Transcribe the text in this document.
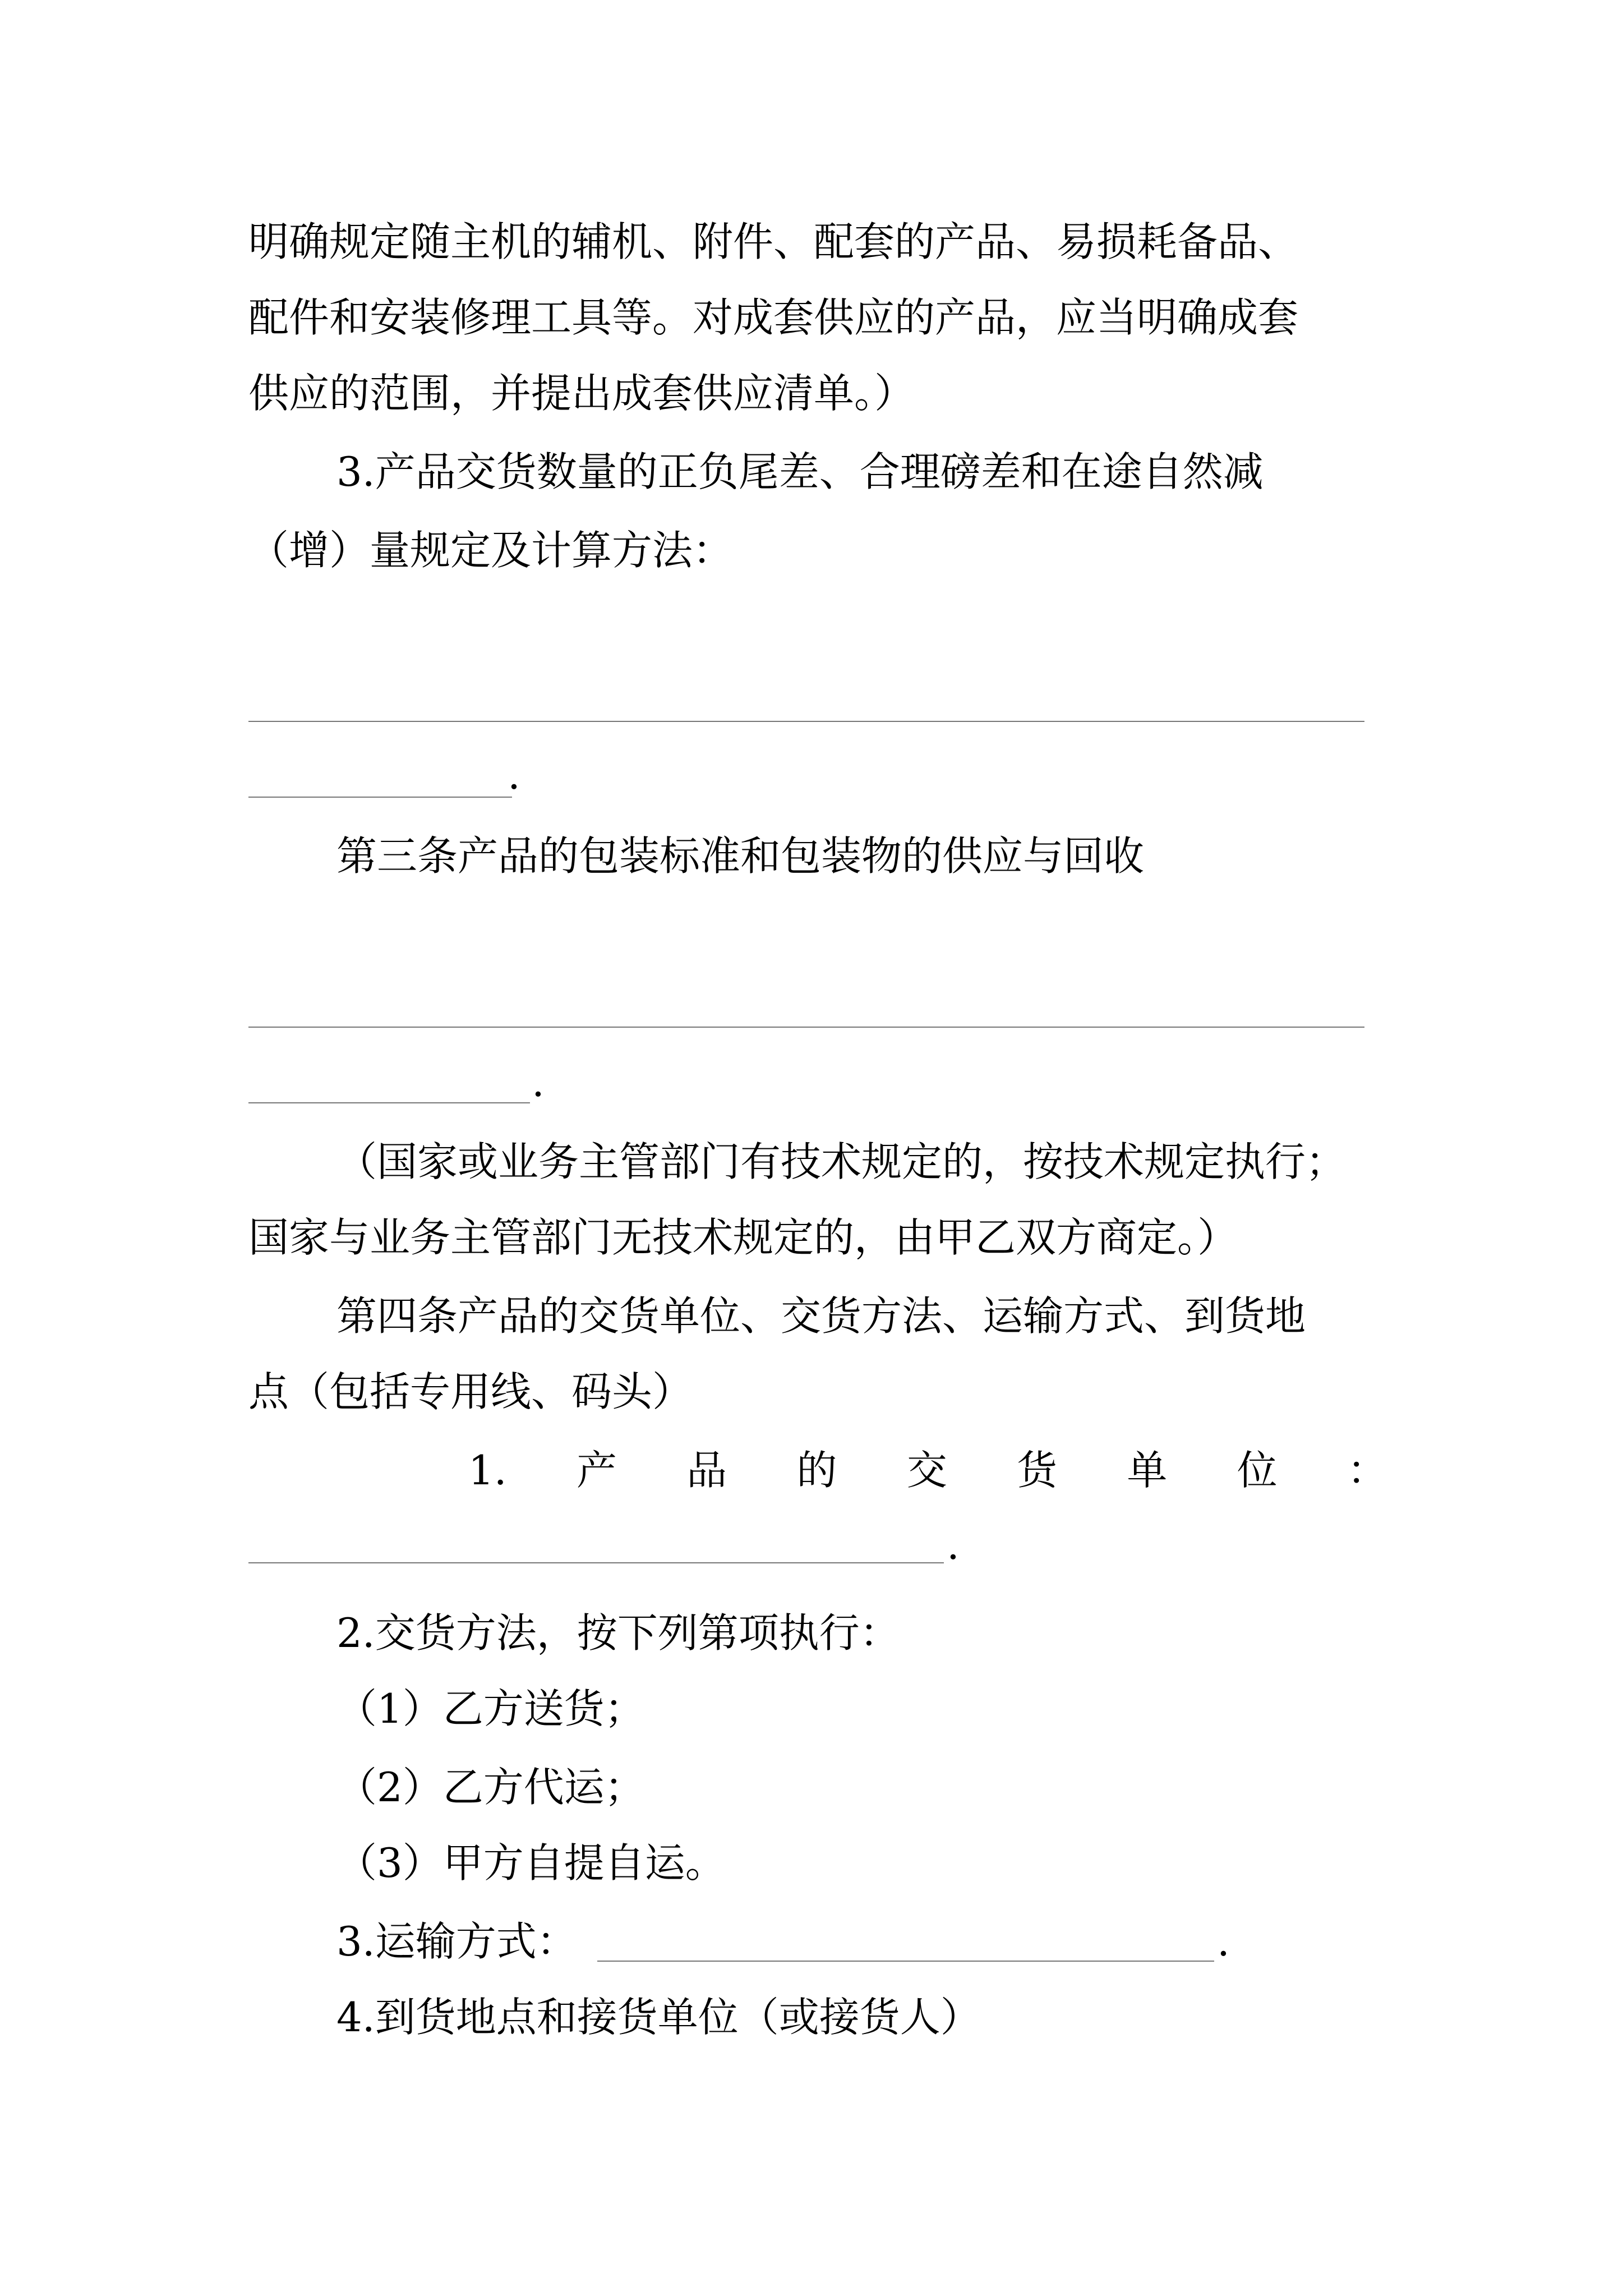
明确规定随主机的辅机、附件、配套的产品、易损耗备品、
配件和安装修理工具等。对成套供应的产品，应当明确成套
供应的范围，并提出成套供应清单。）
3.产品交货数量的正负尾差、合理磅差和在途自然减
（增）量规定及计算方法：
.
第三条产品的包装标准和包装物的供应与回收
.
（国家或业务主管部门有技术规定的，按技术规定执行；
国家与业务主管部门无技术规定的，由甲乙双方商定。）
第四条产品的交货单位、交货方法、运输方式、到货地
点（包括专用线、码头）
1. 产 品 的 交 货 单 位 ：
.
2.交货方法，按下列第项执行：
（1）乙方送货；
（2）乙方代运；
（3）甲方自提自运。
3.运输方式：	.
4.到货地点和接货单位（或接货人）
